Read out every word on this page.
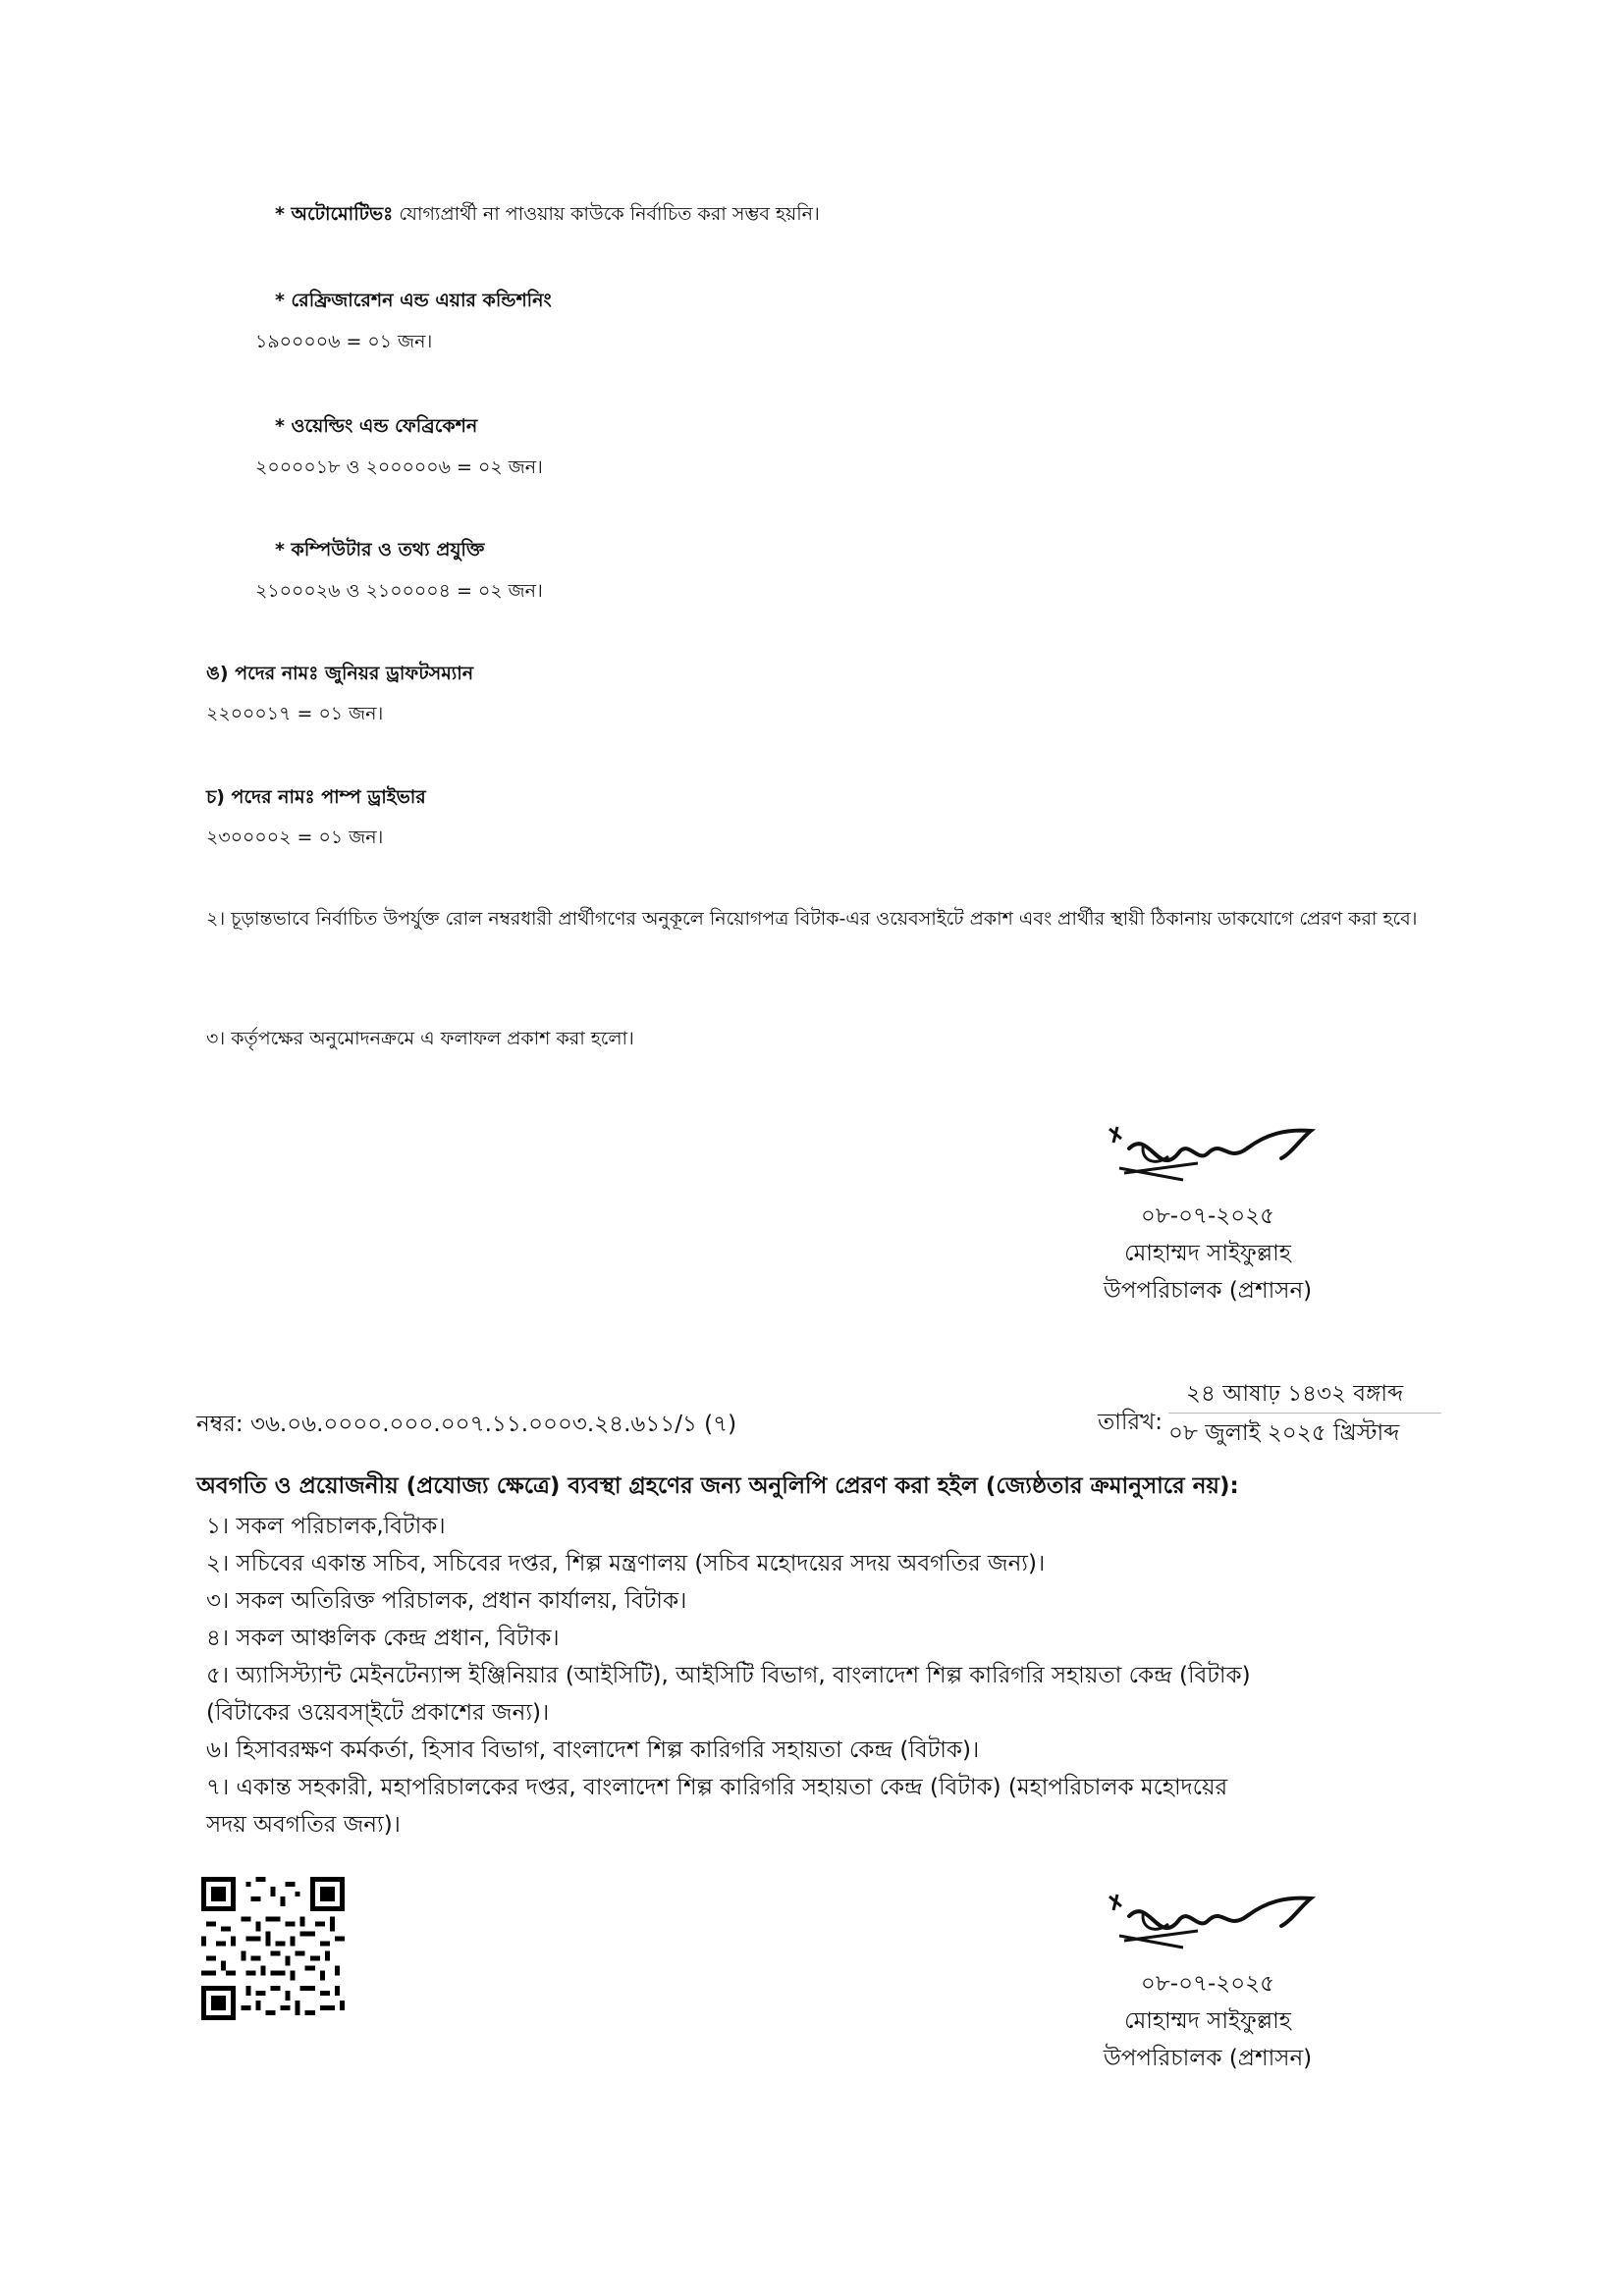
* অটোমোটিভঃ যোগ্যপ্রার্থী না পাওয়ায় কাউকে নির্বাচিত করা সম্ভব হয়নি।
* রেফ্রিজারেশন এন্ড এয়ার কন্ডিশনিং
১৯০০০০৬ = ০১ জন।
* ওয়েল্ডিং এন্ড ফেব্রিকেশন
২০০০০১৮ ও ২০০০০০৬ = ০২ জন।
* কম্পিউটার ও তথ্য প্রযুক্তি
২১০০০২৬ ও ২১০০০০৪ = ০২ জন।
ঙ) পদের নামঃ জুনিয়র ড্রাফটসম্যান
২২০০০১৭ = ০১ জন।
চ) পদের নামঃ পাম্প ড্রাইভার
২৩০০০০২ = ০১ জন।
২। চূড়ান্তভাবে নির্বাচিত উপর্যুক্ত রোল নম্বরধারী প্রার্থীগণের অনুকূলে নিয়োগপত্র বিটাক-এর ওয়েবসাইটে প্রকাশ এবং প্রার্থীর স্থায়ী ঠিকানায় ডাকযোগে প্রেরণ করা হবে।
৩। কর্তৃপক্ষের অনুমোদনক্রমে এ ফলাফল প্রকাশ করা হলো।
০৮-০৭-২০২৫
মোহাম্মদ সাইফুল্লাহ
উপপরিচালক (প্রশাসন)
নম্বর: ৩৬.০৬.০০০০.০০০.০০৭.১১.০০০৩.২৪.৬১১/১ (৭)	তারিখ:
২৪ আষাঢ় ১৪৩২ বঙ্গাব্দ
০৮ জুলাই ২০২৫ খ্রিস্টাব্দ
অবগতি ও প্রয়োজনীয় (প্রযোজ্য ক্ষেত্রে) ব্যবস্থা গ্রহণের জন্য অনুলিপি প্রেরণ করা হইল (জ্যেষ্ঠতার ক্রমানুসারে নয়):
১। সকল পরিচালক,বিটাক।
২। সচিবের একান্ত সচিব, সচিবের দপ্তর, শিল্প মন্ত্রণালয় (সচিব মহোদয়ের সদয় অবগতির জন্য)।
৩। সকল অতিরিক্ত পরিচালক, প্রধান কার্যালয়, বিটাক।
৪। সকল আঞ্চলিক কেন্দ্র প্রধান, বিটাক।
৫। অ্যাসিস্ট্যান্ট মেইনটেন্যান্স ইঞ্জিনিয়ার (আইসিটি), আইসিটি বিভাগ, বাংলাদেশ শিল্প কারিগরি সহায়তা কেন্দ্র (বিটাক)
(বিটাকের ওয়েবসা্ইটে প্রকাশের জন্য)।
৬। হিসাবরক্ষণ কর্মকর্তা, হিসাব বিভাগ, বাংলাদেশ শিল্প কারিগরি সহায়তা কেন্দ্র (বিটাক)।
৭। একান্ত সহকারী, মহাপরিচালকের দপ্তর, বাংলাদেশ শিল্প কারিগরি সহায়তা কেন্দ্র (বিটাক) (মহাপরিচালক মহোদয়ের
সদয় অবগতির জন্য)।
০৮-০৭-২০২৫
মোহাম্মদ সাইফুল্লাহ
উপপরিচালক (প্রশাসন)
